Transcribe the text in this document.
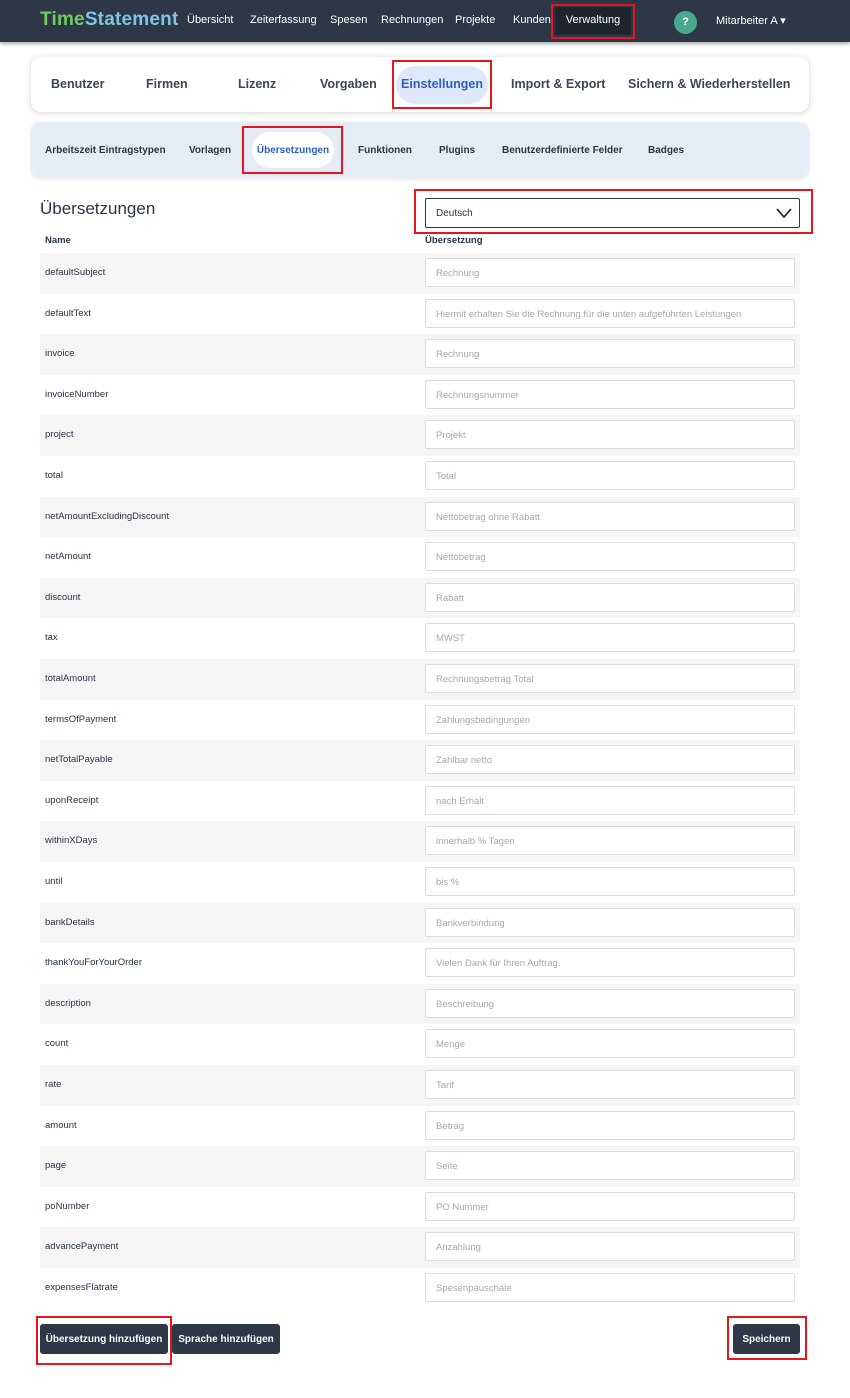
TimeStatement Übersicht Zeiterfassung Spesen Rechnungen Projekte Kunden	Verwaltung	?	Mitarbeiter A ▾
Benutzer	Firmen	Lizenz	Vorgaben	Einstellungen	Import & Export Sichern & Wiederherstellen
Arbeitszeit Eintragstypen Vorlagen	Übersetzungen	Funktionen	Plugins	Benutzerdefinierte Felder	Badges
Übersetzungen	Deutsch
Name	Übersetzung
defaultSubject	Rechnung
defaultText	Hiermit erhalten Sie die Rechnung für die unten aufgeführten Leistungen
invoice	Rechnung
invoiceNumber	Rechnungsnummer
project	Projekt
total	Total
netAmountExcludingDiscount	Nettobetrag ohne Rabatt
netAmount	Nettobetrag
discount	Rabatt
tax	MWST
totalAmount	Rechnungsbetrag Total
termsOfPayment	Zahlungsbedingungen
netTotalPayable	Zahlbar netto
uponReceipt	nach Erhalt
withinXDays	innerhalb % Tagen
until	bis %
bankDetails	Bankverbindung
thankYouForYourOrder	Vielen Dank für Ihren Auftrag.
description	Beschreibung
count	Menge
rate	Tarif
amount	Betrag
page	Seite
poNumber	PO Nummer
advancePayment	Anzahlung
expensesFlatrate	Spesenpauschale
Übersetzung hinzufügen	Sprache hinzufügen	Speichern
